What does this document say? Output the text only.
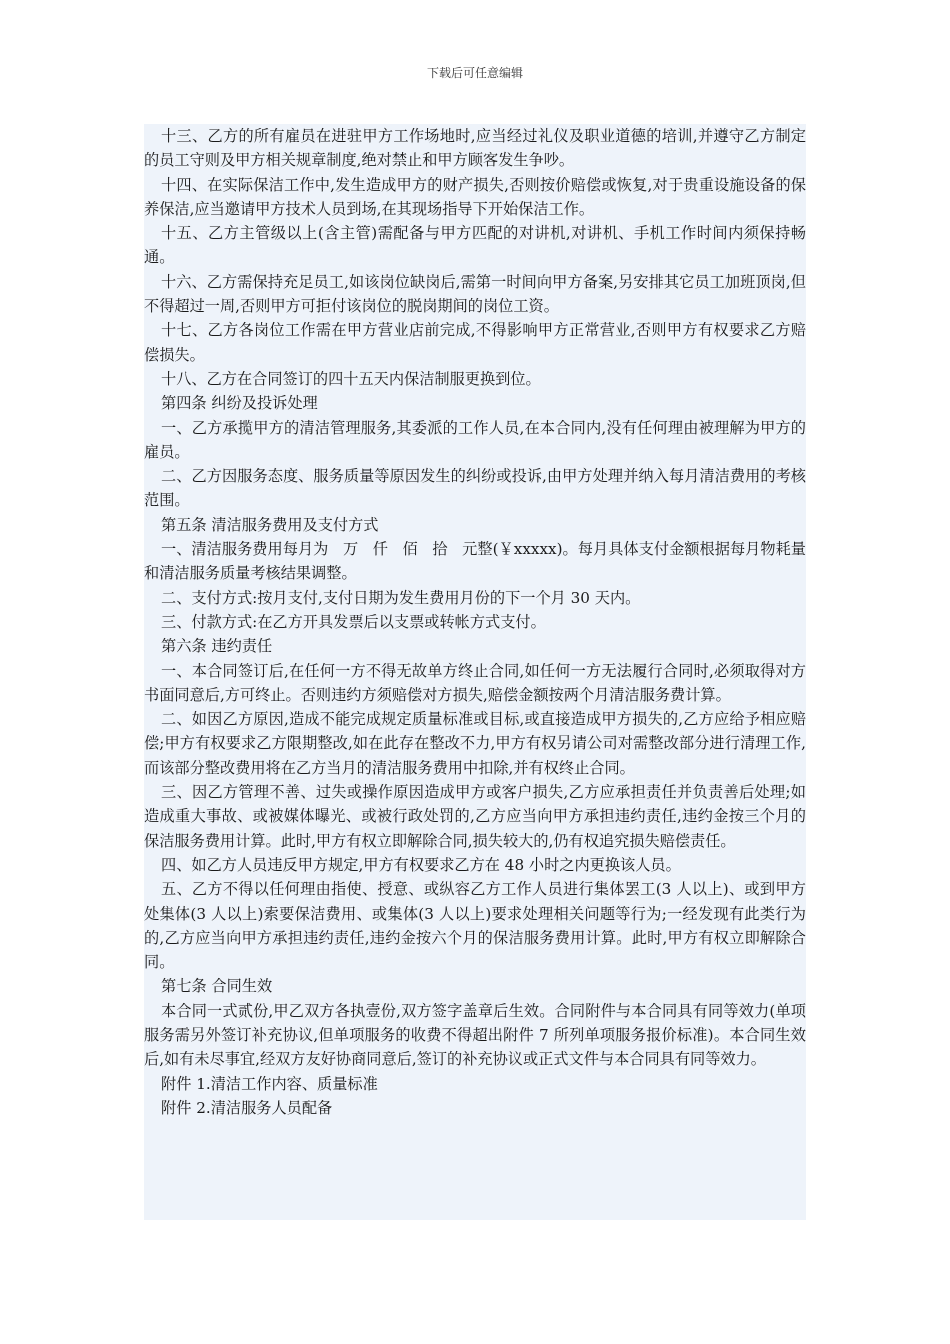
下载后可任意编辑

十三、乙方的所有雇员在进驻甲方工作场地时,应当经过礼仪及职业道德的培训,并遵守乙方制定的员工守则及甲方相关规章制度,绝对禁止和甲方顾客发生争吵。

十四、在实际保洁工作中,发生造成甲方的财产损失,否则按价赔偿或恢复,对于贵重设施设备的保养保洁,应当邀请甲方技术人员到场,在其现场指导下开始保洁工作。

十五、乙方主管级以上(含主管)需配备与甲方匹配的对讲机,对讲机、手机工作时间内须保持畅通。

十六、乙方需保持充足员工,如该岗位缺岗后,需第一时间向甲方备案,另安排其它员工加班顶岗,但不得超过一周,否则甲方可拒付该岗位的脱岗期间的岗位工资。

十七、乙方各岗位工作需在甲方营业店前完成,不得影响甲方正常营业,否则甲方有权要求乙方赔偿损失。

十八、乙方在合同签订的四十五天内保洁制服更换到位。

第四条 纠纷及投诉处理

一、乙方承揽甲方的清洁管理服务,其委派的工作人员,在本合同内,没有任何理由被理解为甲方的雇员。

二、乙方因服务态度、服务质量等原因发生的纠纷或投诉,由甲方处理并纳入每月清洁费用的考核范围。

第五条 清洁服务费用及支付方式

一、清洁服务费用每月为   万   仟   佰   拾   元整(￥xxxxx)。每月具体支付金额根据每月物耗量和清洁服务质量考核结果调整。

二、支付方式:按月支付,支付日期为发生费用月份的下一个月 30 天内。

三、付款方式:在乙方开具发票后以支票或转帐方式支付。

第六条 违约责任

一、本合同签订后,在任何一方不得无故单方终止合同,如任何一方无法履行合同时,必须取得对方书面同意后,方可终止。否则违约方须赔偿对方损失,赔偿金额按两个月清洁服务费计算。

二、如因乙方原因,造成不能完成规定质量标准或目标,或直接造成甲方损失的,乙方应给予相应赔偿;甲方有权要求乙方限期整改,如在此存在整改不力,甲方有权另请公司对需整改部分进行清理工作,而该部分整改费用将在乙方当月的清洁服务费用中扣除,并有权终止合同。

三、因乙方管理不善、过失或操作原因造成甲方或客户损失,乙方应承担责任并负责善后处理;如造成重大事故、或被媒体曝光、或被行政处罚的,乙方应当向甲方承担违约责任,违约金按三个月的保洁服务费用计算。此时,甲方有权立即解除合同,损失较大的,仍有权追究损失赔偿责任。

四、如乙方人员违反甲方规定,甲方有权要求乙方在 48 小时之内更换该人员。

五、乙方不得以任何理由指使、授意、或纵容乙方工作人员进行集体罢工(3 人以上)、或到甲方处集体(3 人以上)索要保洁费用、或集体(3 人以上)要求处理相关问题等行为;一经发现有此类行为的,乙方应当向甲方承担违约责任,违约金按六个月的保洁服务费用计算。此时,甲方有权立即解除合同。

第七条 合同生效

本合同一式贰份,甲乙双方各执壹份,双方签字盖章后生效。合同附件与本合同具有同等效力(单项服务需另外签订补充协议,但单项服务的收费不得超出附件 7 所列单项服务报价标准)。本合同生效后,如有未尽事宜,经双方友好协商同意后,签订的补充协议或正式文件与本合同具有同等效力。

附件 1.清洁工作内容、质量标准

附件 2.清洁服务人员配备
